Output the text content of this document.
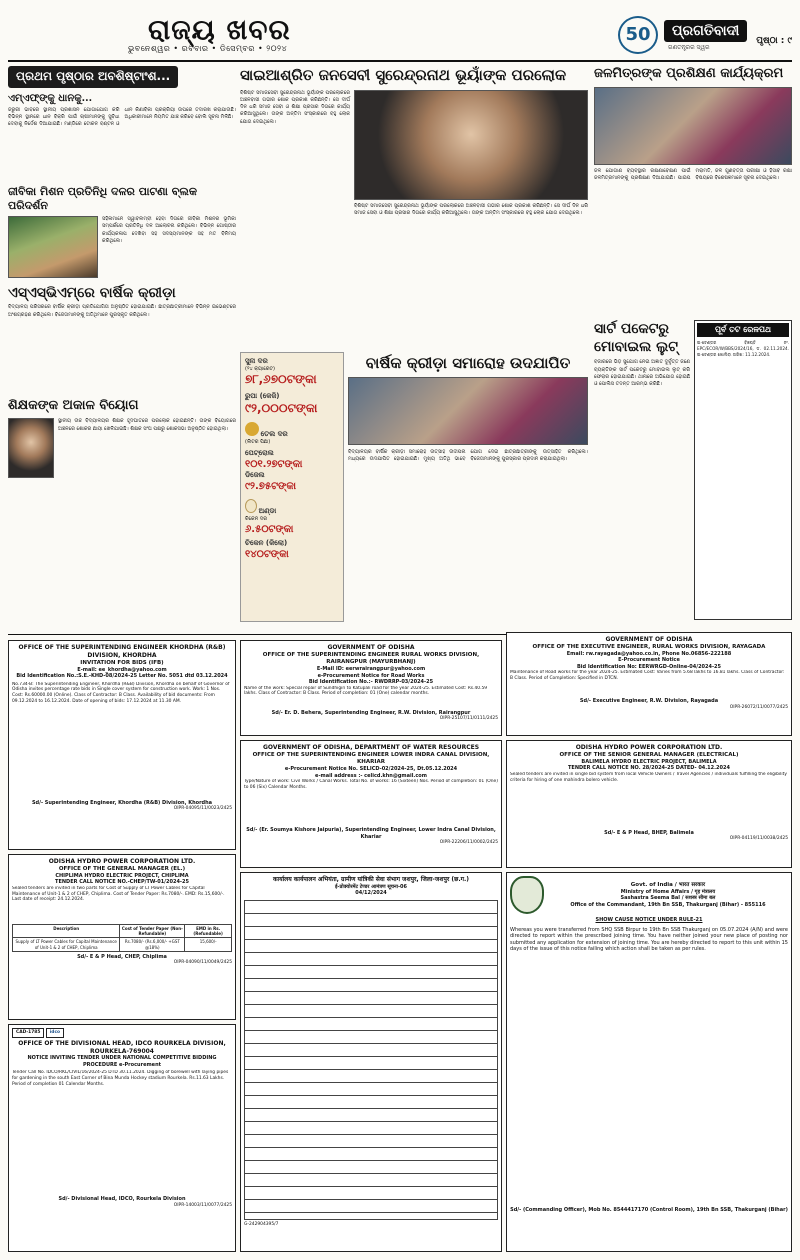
ରାଜ୍ୟ ଖବର
ଭୁବନେଶ୍ୱର • ରବିବାର • ଡିସେମ୍ବର • ୨୦୨୪
50	ପ୍ରଗତିବାଦୀ
ଗଣତନ୍ତ୍ରର ସ୍ୱର
ପୃଷ୍ଠା : ୯
ପ୍ରଥମ ପୃଷ୍ଠାର ଅବଶିଷ୍ଟାଂଶ...
ଏମ୍‌ଏଫ୍‌ଙ୍କୁ ଧାନକୁ...
ଜରୁରୀ ଭାବରେ ସ୍ଥାନୀୟ ପ୍ରଶାସନ ଯୋଗାଯୋଗ କରି ବିଭିନ୍ନ ସ୍ଥାନରେ ଧାନ ବିକ୍ରି ପାଇଁ ଚାଷୀମାନଙ୍କୁ ସୁବିଧା ଦେବାକୁ ନିର୍ଦ୍ଦେଶ ଦିଆଯାଇଛି। ମଣ୍ଡିରେ ଟୋକନ ବଣ୍ଟନ ଓ ଧାନ କିଣାବିକା ପ୍ରକ୍ରିୟା ଉପରେ ତଦାରଖ କରାଯାଉଛି। ଅଧିକାରୀମାନେ ନିୟମିତ ଯାଞ୍ଚ କରିବେ ବୋଲି ସୂଚନା ମିଳିଛି।
ଜୀବିକା ମିଶନ ପ୍ରତିନିଧି ଦଳର ପାଟଣା ବ୍ଲକ ପରିଦର୍ଶନ
ସହିଳାମାନେ ସ୍ୱାବଲମ୍ବୀ ହେବା ଦିଗରେ ଜୀବିକା ମିଶନର ଭୂମିକା ସମ୍ପର୍କରେ ପ୍ରତିନିଧି ଦଳ ଆଲୋଚନା କରିଥିଲେ। ବିଭିନ୍ନ ଗୋଷ୍ଠୀର କାର୍ଯ୍ୟକଳାପ ଦେଖିବା ସହ ସଦସ୍ୟମାନଙ୍କ ସହ ମତ ବିନିମୟ କରିଥିଲେ।
ଏସ୍‌ଏସ୍‌ଭିଏମ୍‌ରେ ବାର୍ଷିକ କ୍ରୀଡ଼ା
ବିଦ୍ୟାଳୟ ପରିସରରେ ବାର୍ଷିକ କ୍ରୀଡ଼ା ପ୍ରତିଯୋଗିତା ଅନୁଷ୍ଠିତ ହୋଇଯାଇଛି। ଛାତ୍ରଛାତ୍ରୀମାନେ ବିଭିନ୍ନ ଇଭେଣ୍ଟରେ ଅଂଶଗ୍ରହଣ କରିଥିଲେ। ବିଜେତାମାନଙ୍କୁ ଅତିଥିମାନେ ପୁରସ୍କୃତ କରିଥିଲେ।
ଶିକ୍ଷକଙ୍କ ଅକାଳ ବିୟୋଗ
ସ୍ଥାନୀୟ ଉଚ୍ଚ ବିଦ୍ୟାଳୟର ଶିକ୍ଷକ ହୃଦଘାତରେ ପରଲୋକ ହୋଇଛନ୍ତି। ତାଙ୍କ ବିୟୋଗରେ ଅଞ୍ଚଳରେ ଶୋକର ଛାୟା ଖେଳିଯାଇଛି। ଶିକ୍ଷକ ସଂଘ ପକ୍ଷରୁ ଶୋକସଭା ଅନୁଷ୍ଠିତ ହୋଇଥିଲା।
ସାଇଆଶ୍ରିତ ଜନସେବୀ ସୁରେନ୍ଦ୍ରନାଥ ଭୂୟାଁଙ୍କ ପରଲୋକ
ବିଶିଷ୍ଟ ସମାଜସେବୀ ସୁରେନ୍ଦ୍ରନାଥ ଭୂୟାଁଙ୍କ ପରଲୋକରେ ଅଞ୍ଚଳବାସୀ ଗଭୀର ଶୋକ ପ୍ରକାଶ କରିଛନ୍ତି। ସେ ଦୀର୍ଘ ଦିନ ଧରି ସମାଜ ସେବା ଓ ଶିକ୍ଷା ପ୍ରସାର ଦିଗରେ କାର୍ଯ୍ୟ କରିଆସୁଥିଲେ। ତାଙ୍କ ଅନ୍ତିମ ସଂସ୍କାରରେ ବହୁ ଲୋକ ଯୋଗ ଦେଇଥିଲେ।
ବିଶିଷ୍ଟ ସମାଜସେବୀ ସୁରେନ୍ଦ୍ରନାଥ ଭୂୟାଁଙ୍କ ପରଲୋକରେ ଅଞ୍ଚଳବାସୀ ଗଭୀର ଶୋକ ପ୍ରକାଶ କରିଛନ୍ତି। ସେ ଦୀର୍ଘ ଦିନ ଧରି ସମାଜ ସେବା ଓ ଶିକ୍ଷା ପ୍ରସାର ଦିଗରେ କାର୍ଯ୍ୟ କରିଆସୁଥିଲେ। ତାଙ୍କ ଅନ୍ତିମ ସଂସ୍କାରରେ ବହୁ ଲୋକ ଯୋଗ ଦେଇଥିଲେ।
ସୁନା ଦର
(୨୪ କ୍ୟାରେଟ)
୭୮,୬୭୦ଟଙ୍କା
ରୁପା (କେଜି)
୯୨,୦୦୦ଟଙ୍କା
ତେଲ ଦର
(ଲିଟର ପିଛା)
ପେଟ୍ରୋଲ
୧୦୧.୨୭ଟଙ୍କା
ଡିଜେଲ
୯୨.୭୫ଟଙ୍କା
ଅଣ୍ଡା
ଚିକେନ ଦର
୬.୫୦ଟଙ୍କା
ଚିକେନ (କିଲୋ)
୧୪୦ଟଙ୍କା
ବାର୍ଷିକ କ୍ରୀଡ଼ା ସମାରୋହ ଉଦଯାପିତ
ବିଦ୍ୟାଳୟର ବାର୍ଷିକ କ୍ରୀଡ଼ା ସମାରୋହ ଉତ୍ସାହ ଉଦ୍ଦୀପନା ମଧ୍ୟରେ ଉଦଯାପିତ ହୋଇଯାଇଛି। ମୁଖ୍ୟ ଅତିଥି ଭାବେ ଯୋଗ ଦେଇ ଛାତ୍ରଛାତ୍ରୀଙ୍କୁ ଉତ୍ସାହିତ କରିଥିଲେ। ବିଜେତାମାନଙ୍କୁ ପୁରସ୍କାର ପ୍ରଦାନ କରାଯାଇଥିଲା।
ଜଳମିତ୍ରଙ୍କ ପ୍ରଶିକ୍ଷଣ କାର୍ଯ୍ୟକ୍ରମ
ଜଳ ଯୋଗାଣ ବ୍ୟବସ୍ଥାର ରକ୍ଷଣାବେକ୍ଷଣ ପାଇଁ ଜଳମିତ୍ରମାନଙ୍କୁ ପ୍ରଶିକ୍ଷଣ ଦିଆଯାଇଛି। ପାଇପ ମରାମତି, ଜଳ ଗୁଣବତ୍ତା ପରୀକ୍ଷା ଓ ହିସାବ ରକ୍ଷା ବିଷୟରେ ବିଶେଷଜ୍ଞମାନେ ସୂଚନା ଦେଇଥିଲେ।
ସାର୍ଟ ପକେଟରୁ ମୋବାଇଲ ଲୁଟ୍
ବଜାରରେ ଭିଡ଼ ସୁଯୋଗ ନେଇ ଅଜ୍ଞାତ ଦୁର୍ବୃତ୍ତ ଜଣେ ବ୍ୟକ୍ତିଙ୍କ ସାର୍ଟ ପକେଟରୁ ମୋବାଇଲ ଲୁଟ୍ କରି ଫେରାର ହୋଇଯାଇଛି। ଥାନାରେ ଅଭିଯୋଗ ହୋଇଛି ଓ ପୋଲିସ ତଦନ୍ତ ଆରମ୍ଭ କରିଛି।
ପୂର୍ବ ତଟ ରେଳପଥ
ଇ-ଟେଣ୍ଡର ବିଜ୍ଞପ୍ତି ନଂ. EPC/ECOR/W/BBS/2024/16, ଡ. 02.11.2024. ଇ-ଟେଣ୍ଡର ଖୋଲିବା ତାରିଖ: 11.12.2024.
OFFICE OF THE SUPERINTENDING ENGINEER KHORDHA (R&B) DIVISION, KHORDHA
INVITATION FOR BIDS (IFB)
E-mail: ee_khordha@yahoo.com
Bid Identification No.:S.E.-KHD-08/2024-25 Letter No. 5051 dtd 03.12.2024
No.734-B: The Superintending Engineer, Khordha (R&B) Division, Khordha on behalf of Governor of Odisha invites percentage rate bids in Single cover system for construction work. Work: 1 Nos. Cost: Rs.60000.00 (Online). Class of Contractor: B Class. Availability of bid documents: From 09.12.2024 to 16.12.2024. Date of opening of bids: 17.12.2024 at 11.30 AM.
Sd/- Superintending Engineer, Khordha (R&B) Division, Khordha
OIPR-04095/11/0023/2425
GOVERNMENT OF ODISHA
OFFICE OF THE SUPERINTENDING ENGINEER RURAL WORKS DIVISION, RAIRANGPUR (MAYURBHANJ)
E-Mail ID: eerwrairangpur@yahoo.com
e-Procurement Notice for Road Works
Bid Identification No.:- RWDRRP-03/2024-25
Name of the work: Special repair of Sundhigiri to Katupali road for the year 2024-25. Estimated Cost: Rs.40.59 lakhs. Class of Contractor: B Class. Period of completion: 01 (One) calendar months.
Sd/- Er. D. Behera, Superintending Engineer, R.W. Division, Rairangpur
OIPR-25107/11/0111/2425
GOVERNMENT OF ODISHA
OFFICE OF THE EXECUTIVE ENGINEER, RURAL WORKS DIVISION, RAYAGADA
Email: rw.rayagada@yahoo.co.in, Phone No.06856-222188
E-Procurement Notice
Bid Identification No: EERWRGD-Online-04/2024-25
Maintenance of Road works for the year 2024-25. Estimated Cost: Varies from 5.68 lakhs to 16.81 lakhs. Class of Contractor: B Class. Period of Completion: Specified in DTCN.
Sd/- Executive Engineer, R.W. Division, Rayagada
OIPR-26072/11/0077/2425
GOVERNMENT OF ODISHA, DEPARTMENT OF WATER RESOURCES
OFFICE OF THE SUPERINTENDING ENGINEER LOWER INDRA CANAL DIVISION, KHARIAR
e-Procurement Notice No. SELICD-02/2024-25, Dt.05.12.2024
e-mail address :- celicd.khn@gmail.com
Type/Nature of work: Civil Works / Canal Works. Total No. of works: 16 (Sixteen) Nos. Period of completion: 01 (One) to 06 (Six) Calendar Months.
Sd/- (Er. Soumya Kishore Jaipuria), Superintending Engineer, Lower Indra Canal Division, Khariar
OIPR-22206/11/0002/2425
ODISHA HYDRO POWER CORPORATION LTD.
OFFICE OF THE SENIOR GENERAL MANAGER (ELECTRICAL)
BALIMELA HYDRO ELECTRIC PROJECT, BALIMELA
TENDER CALL NOTICE NO. 28/2024-25 DATED- 04.12.2024
Sealed tenders are invited in single bid system from local Vehicle Owners / Travel Agencies / individuals fulfilling the eligibility criteria for hiring of one mahindra bolero vehicle.
Sd/- E & P Head, BHEP, Balimela
OIPR-04119/11/0038/2425
ODISHA HYDRO POWER CORPORATION LTD.
OFFICE OF THE GENERAL MANAGER (EL.)
CHIPLIMA HYDRO ELECTRIC PROJECT, CHIPLIMA
TENDER CALL NOTICE NO.-CHEP/TW-01/2024-25
Sealed tenders are invited in two parts for Cost of Supply of LT Power Cables for Capital Maintenance of Unit-1 & 2 of CHEP, Chiplima. Cost of Tender Paper: Rs.7080/-. EMD: Rs.15,600/-. Last date of receipt: 24.12.2024.
Description	Cost of Tender Paper (Non-Refundable)	EMD in Rs. (Refundable)
Supply of LT Power Cables for Capital Maintenance of Unit-1 & 2 of CHEP, Chiplima	Rs.7080/- (Rs.6,000/- +GST @18%)	15,600/-
Sd/- E & P Head, CHEP, Chiplima
OIPR-04090/11/0049/2425
CAD-1785 idco
OFFICE OF THE DIVISIONAL HEAD, IDCO ROURKELA DIVISION, ROURKELA-769004
NOTICE INVITING TENDER UNDER NATIONAL COMPETITIVE BIDDING PROCEDURE e-Procurement
Tender Call No. IDCO/RKL/CIVIL/16/2024-25 DTD 30.11.2024. Digging of borewell with laying pipes for gardening in the south East Corner of Bina Munda Hockey stadium Rourkela. Rs.11.63 Lakhs. Period of completion 01 Calendar Months.
Sd/- Divisional Head, IDCO, Rourkela Division
OIPR-14003/11/0077/2425
कार्यालय कार्यपालन अभियंता, ग्रामीण यांत्रिकी सेवा संभाग जशपुर, जिला-जशपुर (छ.ग.)
ई-प्रोक्योरमेंट टेण्डर आमंत्रण सूचना-06
04/12/2024
G-242904395/7
Govt. of India / भारत सरकार
Ministry of Home Affairs / गृह मंत्रालय
Sashastra Seema Bal / सशस्त्र सीमा बल
Office of the Commandant, 19th Bn SSB, Thakurganj (Bihar) - 855116
SHOW CAUSE NOTICE UNDER RULE-21
Whereas you were transferred from SHQ SSB Birpur to 19th Bn SSB Thakurganj on 05.07.2024 (A/N) and were directed to report within the prescribed joining time. You have neither joined your new place of posting nor submitted any application for extension of joining time. You are hereby directed to report to this unit within 15 days of the issue of this notice failing which action shall be taken as per rules.
Sd/- (Commanding Officer), Mob No. 8544417170 (Control Room), 19th Bn SSB, Thakurganj (Bihar)
